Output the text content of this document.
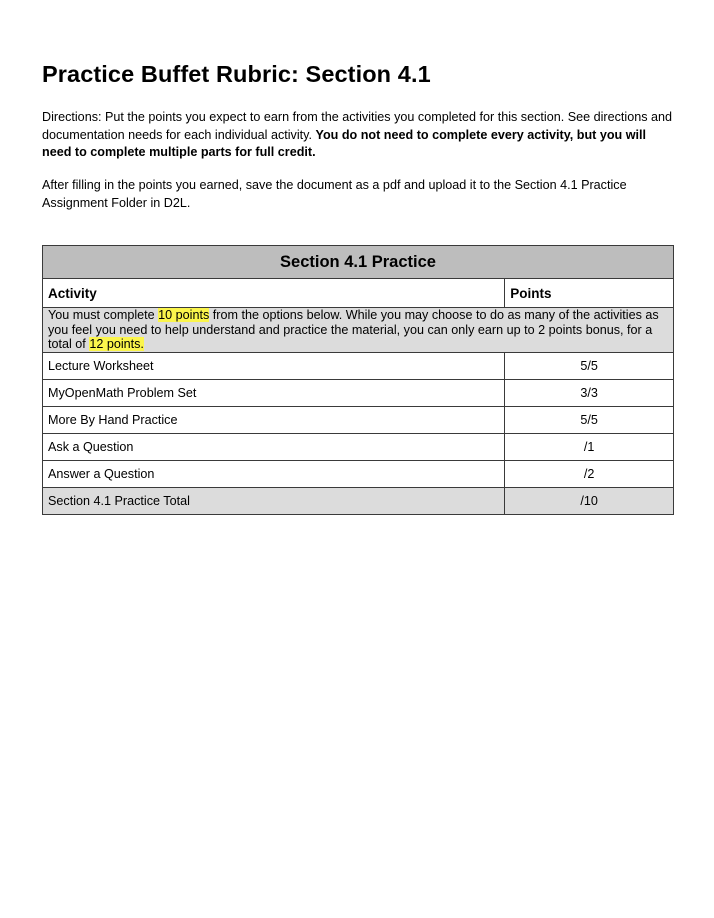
Practice Buffet Rubric: Section 4.1

Directions: Put the points you expect to earn from the activities you completed for this section. See directions and documentation needs for each individual activity. You do not need to complete every activity, but you will need to complete multiple parts for full credit.

After filling in the points you earned, save the document as a pdf and upload it to the Section 4.1 Practice Assignment Folder in D2L.

Section 4.1 Practice	
Activity	Points
You must complete 10 points from the options below. While you may choose to do as many of the activities as you feel you need to help understand and practice the material, you can only earn up to 2 points bonus, for a total of 12 points.	
Lecture Worksheet	5/5
MyOpenMath Problem Set	3/3
More By Hand Practice	5/5
Ask a Question	/1
Answer a Question	/2
Section 4.1 Practice Total	/10
